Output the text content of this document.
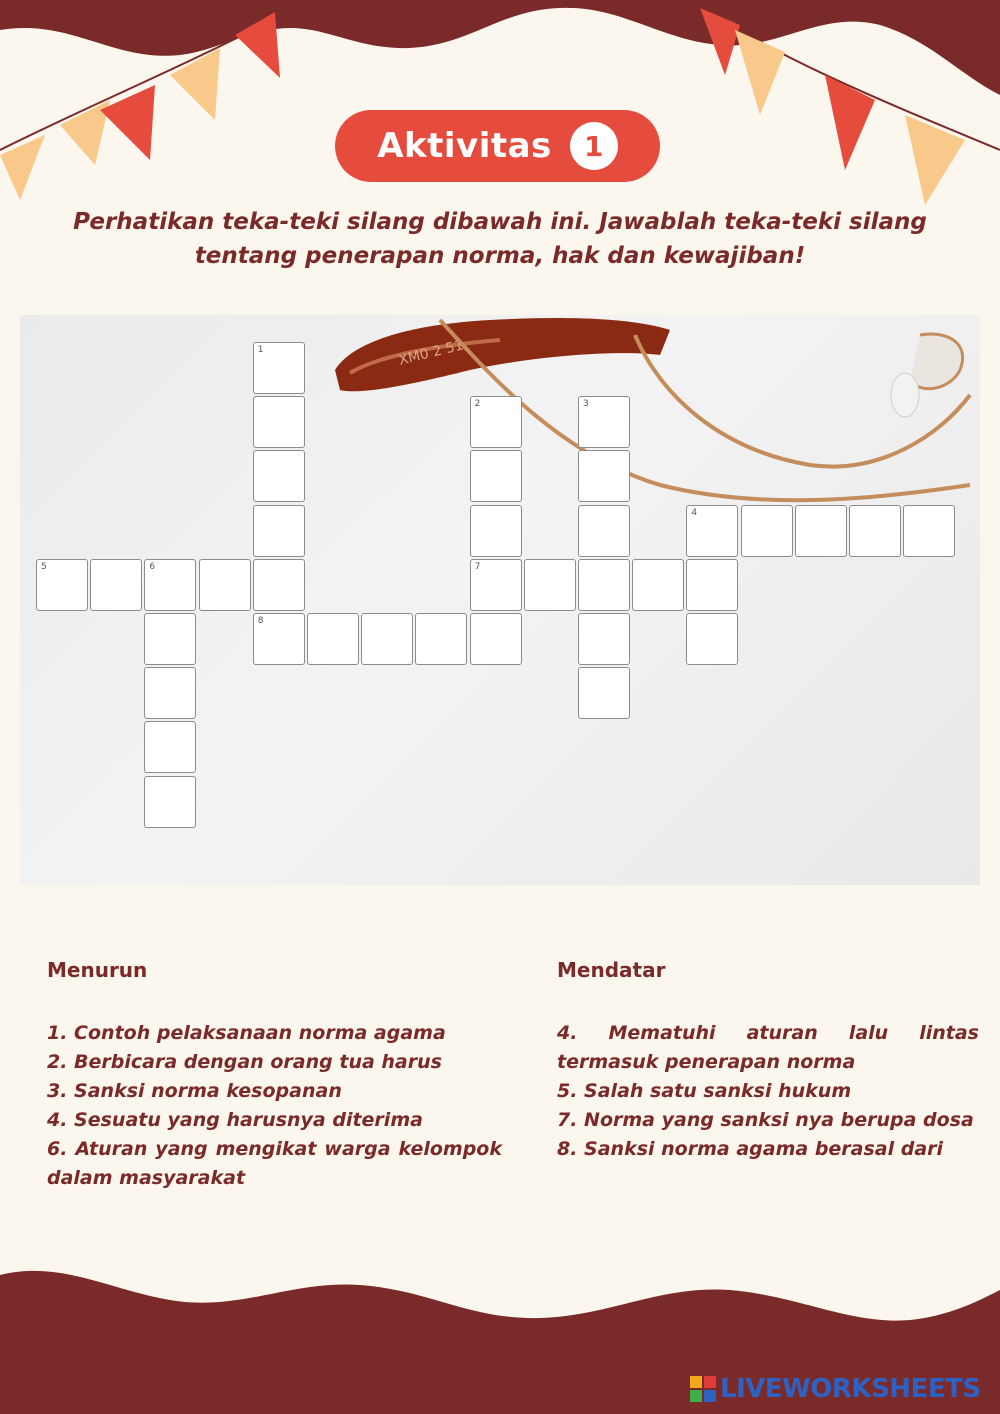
Aktivitas	1

Perhatikan teka-teki silang dibawah ini. Jawablah teka-teki silang tentang penerapan norma, hak dan kewajiban!

XM0 2 51
1
2	3
4
5	6	7
8

Menurun

1. Contoh pelaksanaan norma agama

2. Berbicara dengan orang tua harus

3. Sanksi norma kesopanan

4. Sesuatu yang harusnya diterima

6. Aturan yang mengikat warga kelompok dalam masyarakat

Mendatar

4. Mematuhi aturan lalu lintas termasuk penerapan norma

5. Salah satu sanksi hukum

7. Norma yang sanksi nya berupa dosa

8. Sanksi norma agama berasal dari

LIVEWORKSHEETS
